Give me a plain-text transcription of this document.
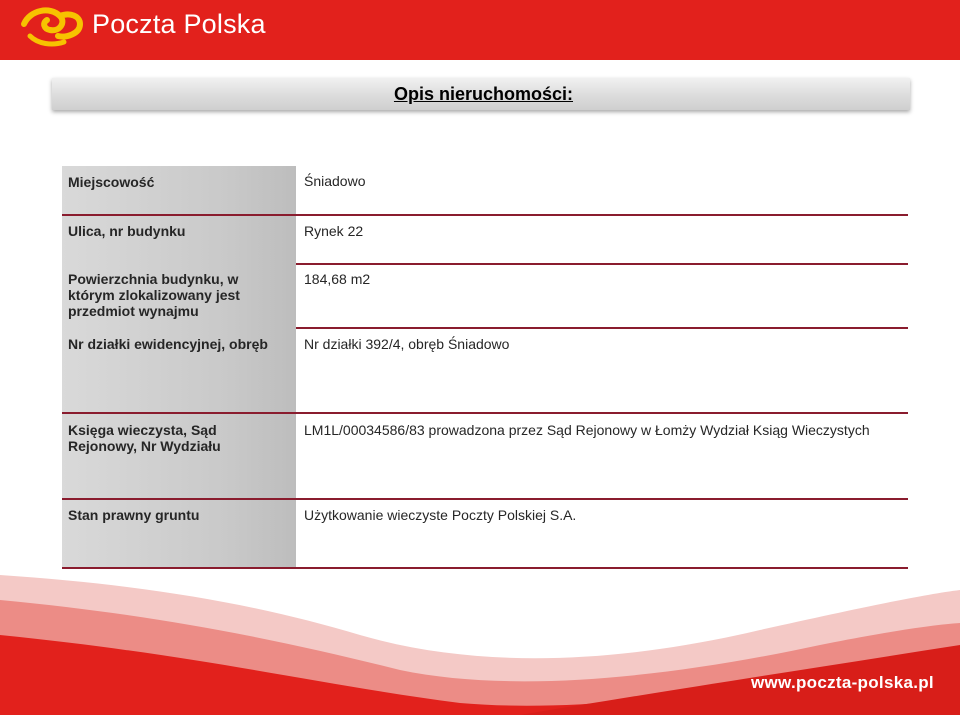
Poczta Polska
Opis nieruchomości:
Miejscowość
Ulica, nr budynku
Powierzchnia budynku, w którym zlokalizowany jest przedmiot wynajmu
Nr działki ewidencyjnej, obręb
Księga wieczysta, Sąd Rejonowy, Nr Wydziału
Stan prawny gruntu
Śniadowo
Rynek 22
184,68 m2
Nr działki 392/4, obręb Śniadowo
LM1L/00034586/83 prowadzona przez Sąd Rejonowy w Łomży Wydział Ksiąg Wieczystych
Użytkowanie wieczyste Poczty Polskiej S.A.
www.poczta-polska.pl
